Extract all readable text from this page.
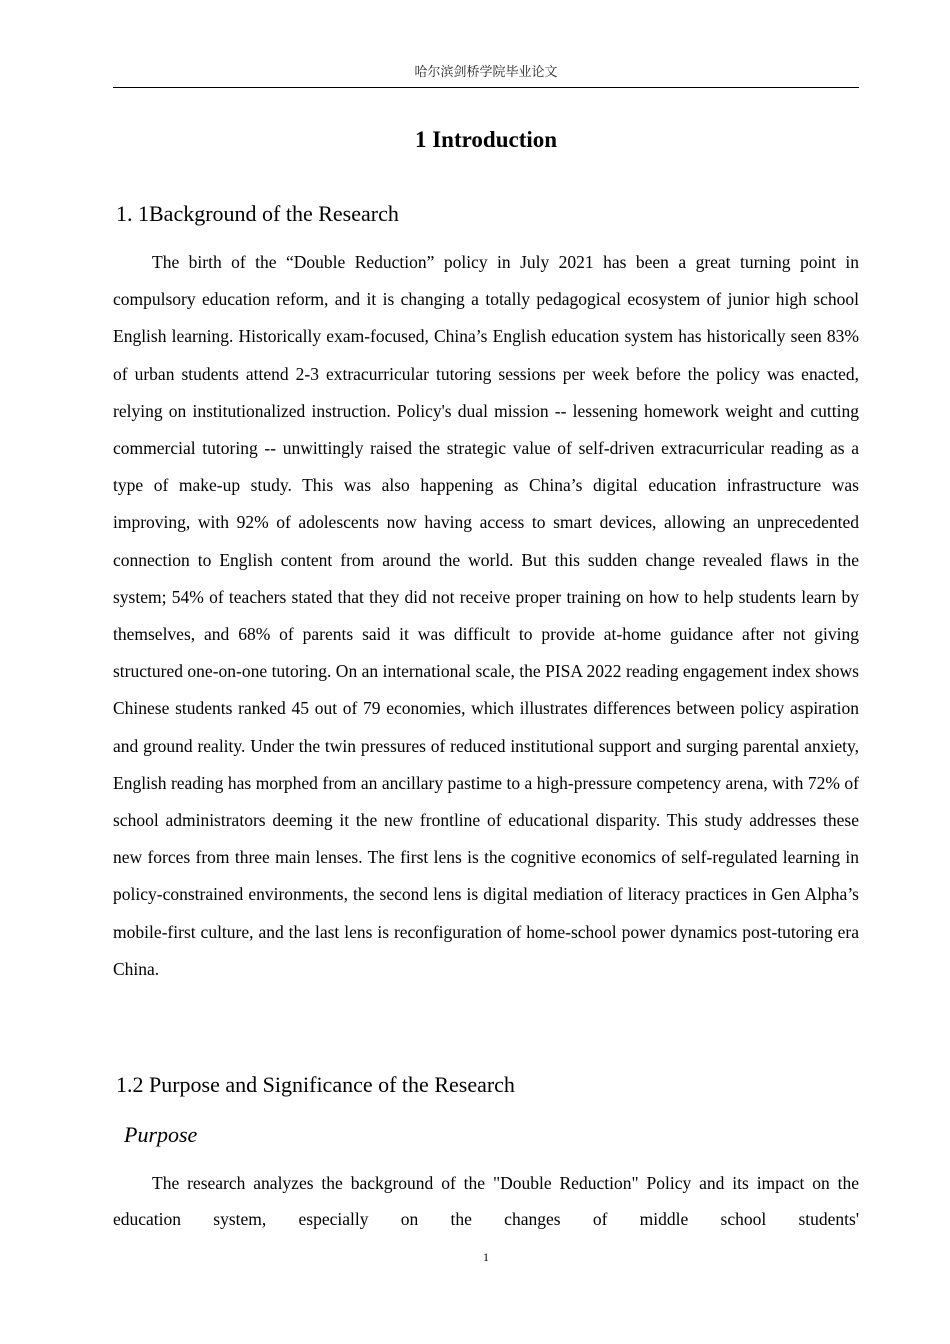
哈尔滨剑桥学院毕业论文
1 Introduction
1. 1Background of the Research

The birth of the “Double Reduction” policy in July 2021 has been a great turning point in compulsory education reform, and it is changing a totally pedagogical ecosystem of junior high school English learning. Historically exam-focused, China’s English education system has historically seen 83% of urban students attend 2-3 extracurricular tutoring sessions per week before the policy was enacted, relying on institutionalized instruction. Policy's dual mission -- lessening homework weight and cutting commercial tutoring -- unwittingly raised the strategic value of self-driven extracurricular reading as a type of make-up study. This was also happening as China’s digital education infrastructure was improving, with 92% of adolescents now having access to smart devices, allowing an unprecedented connection to English content from around the world. But this sudden change revealed flaws in the system; 54% of teachers stated that they did not receive proper training on how to help students learn by themselves, and 68% of parents said it was difficult to provide at-home guidance after not giving structured one-on-one tutoring. On an international scale, the PISA 2022 reading engagement index shows Chinese students ranked 45 out of 79 economies, which illustrates differences between policy aspiration and ground reality. Under the twin pressures of reduced institutional support and surging parental anxiety, English reading has morphed from an ancillary pastime to a high-pressure competency arena, with 72% of school administrators deeming it the new frontline of educational disparity. This study addresses these new forces from three main lenses. The first lens is the cognitive economics of self-regulated learning in policy-constrained environments, the second lens is digital mediation of literacy practices in Gen Alpha’s mobile-first culture, and the last lens is reconfiguration of home-school power dynamics post-tutoring era China.

1.2 Purpose and Significance of the Research
Purpose

The research analyzes the background of the "Double Reduction" Policy and its impact on the education system, especially on the changes of middle school students'

1
